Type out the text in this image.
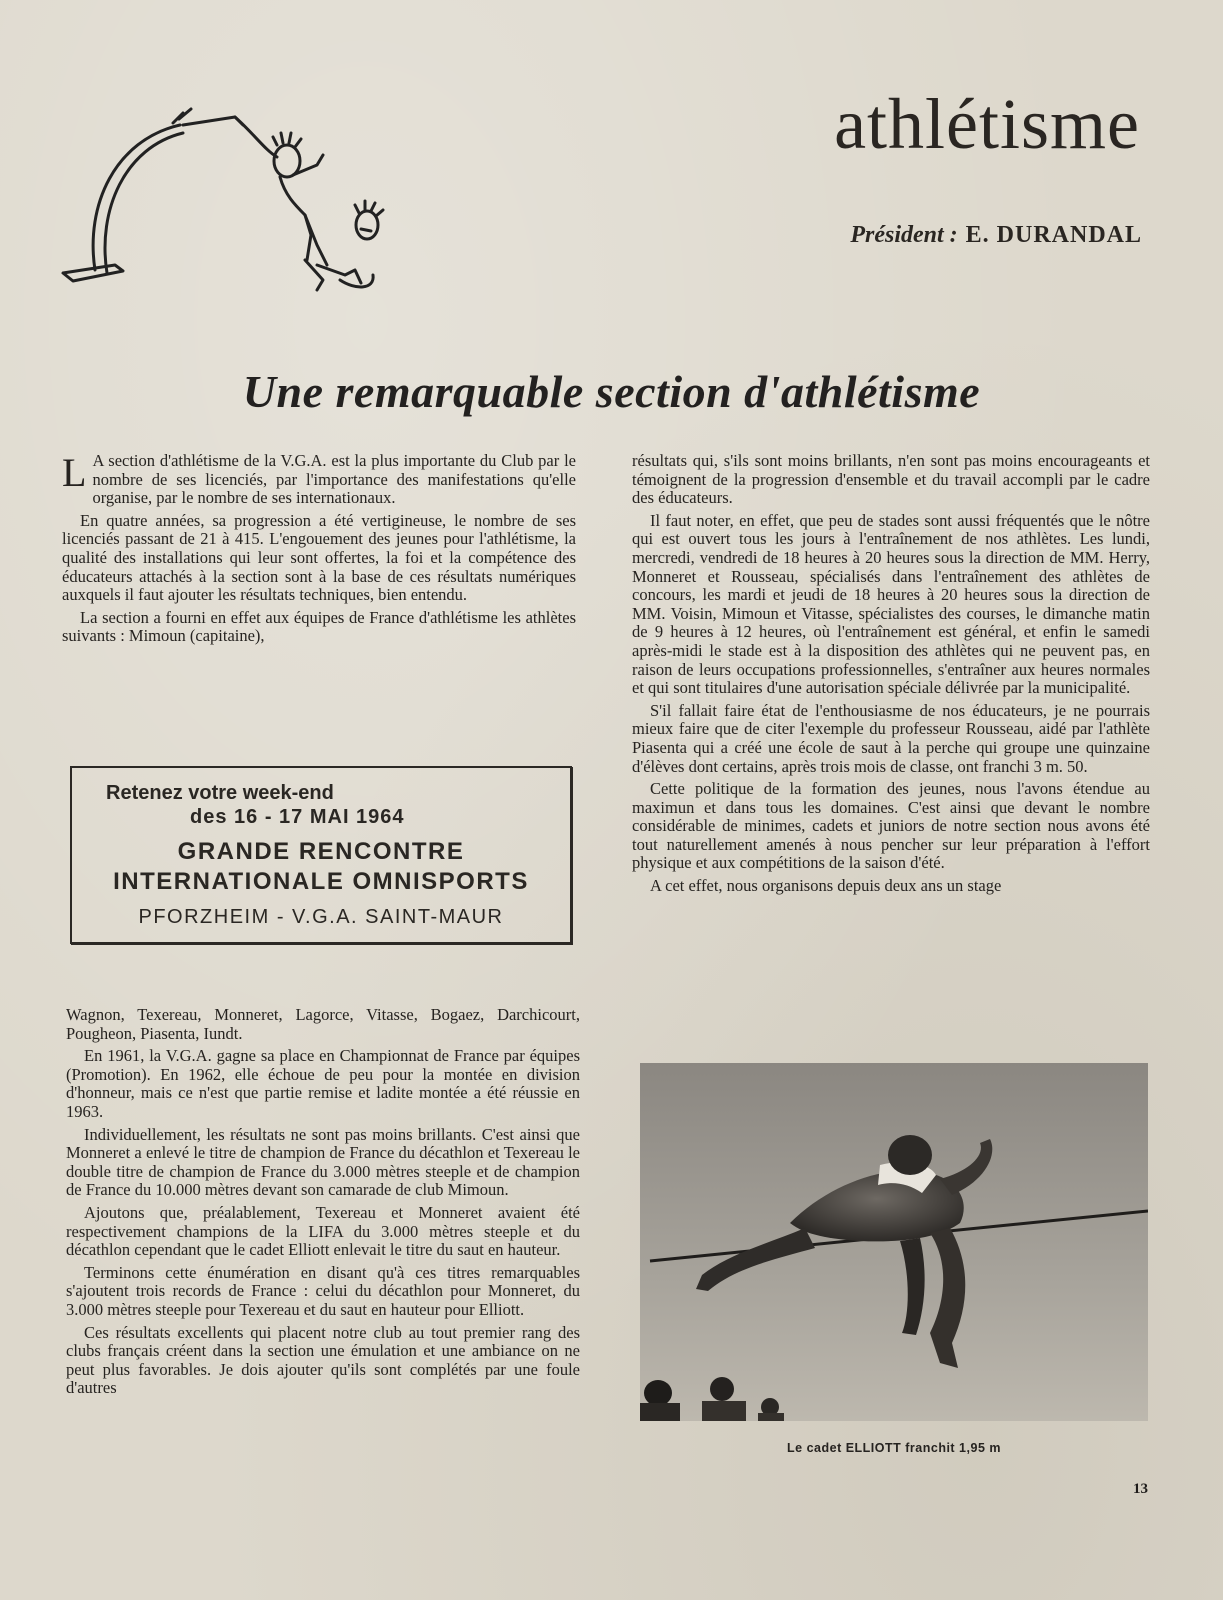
athlétisme
Président : E. DURANDAL
Une remarquable section d'athlétisme

L A section d'athlétisme de la V.G.A. est la plus importante du Club par le nombre de ses licenciés, par l'importance des manifestations qu'elle organise, par le nombre de ses internationaux.

En quatre années, sa progression a été vertigineuse, le nombre de ses licenciés passant de 21 à 415. L'engouement des jeunes pour l'athlétisme, la qualité des installations qui leur sont offertes, la foi et la compétence des éducateurs attachés à la section sont à la base de ces résultats numériques auxquels il faut ajouter les résultats techniques, bien entendu.

La section a fourni en effet aux équipes de France d'athlétisme les athlètes suivants : Mimoun (capitaine),

Retenez votre week-end
des 16 - 17 MAI 1964
GRANDE RENCONTRE
INTERNATIONALE OMNISPORTS
PFORZHEIM - V.G.A. SAINT-MAUR

Wagnon, Texereau, Monneret, Lagorce, Vitasse, Bogaez, Darchicourt, Pougheon, Piasenta, Iundt.

En 1961, la V.G.A. gagne sa place en Championnat de France par équipes (Promotion). En 1962, elle échoue de peu pour la montée en division d'honneur, mais ce n'est que partie remise et ladite montée a été réussie en 1963.

Individuellement, les résultats ne sont pas moins brillants. C'est ainsi que Monneret a enlevé le titre de champion de France du décathlon et Texereau le double titre de champion de France du 3.000 mètres steeple et de champion de France du 10.000 mètres devant son camarade de club Mimoun.

Ajoutons que, préalablement, Texereau et Monneret avaient été respectivement champions de la LIFA du 3.000 mètres steeple et du décathlon cependant que le cadet Elliott enlevait le titre du saut en hauteur.

Terminons cette énumération en disant qu'à ces titres remarquables s'ajoutent trois records de France : celui du décathlon pour Monneret, du 3.000 mètres steeple pour Texereau et du saut en hauteur pour Elliott.

Ces résultats excellents qui placent notre club au tout premier rang des clubs français créent dans la section une émulation et une ambiance on ne peut plus favorables. Je dois ajouter qu'ils sont complétés par une foule d'autres

résultats qui, s'ils sont moins brillants, n'en sont pas moins encourageants et témoignent de la progression d'ensemble et du travail accompli par le cadre des éducateurs.

Il faut noter, en effet, que peu de stades sont aussi fréquentés que le nôtre qui est ouvert tous les jours à l'entraînement de nos athlètes. Les lundi, mercredi, vendredi de 18 heures à 20 heures sous la direction de MM. Herry, Monneret et Rousseau, spécialisés dans l'entraînement des athlètes de concours, les mardi et jeudi de 18 heures à 20 heures sous la direction de MM. Voisin, Mimoun et Vitasse, spécialistes des courses, le dimanche matin de 9 heures à 12 heures, où l'entraînement est général, et enfin le samedi après-midi le stade est à la disposition des athlètes qui ne peuvent pas, en raison de leurs occupations professionnelles, s'entraîner aux heures normales et qui sont titulaires d'une autorisation spéciale délivrée par la municipalité.

S'il fallait faire état de l'enthousiasme de nos éducateurs, je ne pourrais mieux faire que de citer l'exemple du professeur Rousseau, aidé par l'athlète Piasenta qui a créé une école de saut à la perche qui groupe une quinzaine d'élèves dont certains, après trois mois de classe, ont franchi 3 m. 50.

Cette politique de la formation des jeunes, nous l'avons étendue au maximun et dans tous les domaines. C'est ainsi que devant le nombre considérable de minimes, cadets et juniors de notre section nous avons été tout naturellement amenés à nous pencher sur leur préparation à l'effort physique et aux compétitions de la saison d'été.

A cet effet, nous organisons depuis deux ans un stage

Le cadet ELLIOTT franchit 1,95 m
13
